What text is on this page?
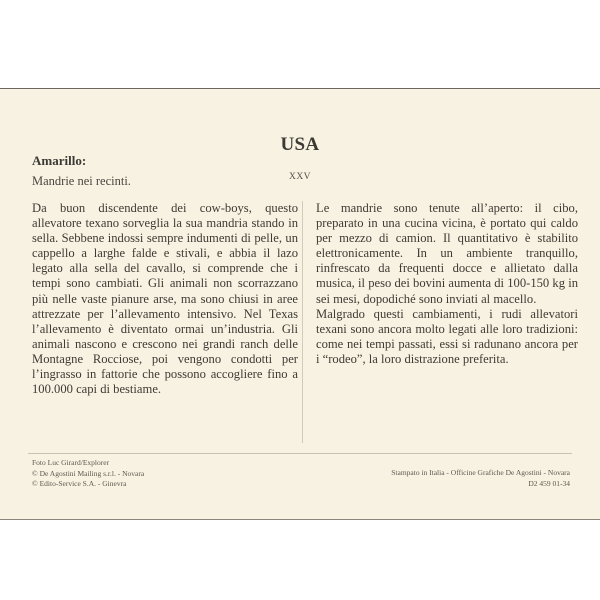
USA
XXV
Amarillo:
Mandrie nei recinti.

Da buon discendente dei cow-boys, questo allevatore texano sorveglia la sua mandria stando in sella. Sebbene indossi sempre indumenti di pelle, un cappello a larghe falde e stivali, e abbia il lazo legato alla sella del cavallo, si comprende che i tempi sono cambiati. Gli animali non scorrazzano più nelle vaste pianure arse, ma sono chiusi in aree attrezzate per l’allevamento intensivo. Nel Texas l’allevamento è diventato ormai un’industria. Gli animali nascono e crescono nei grandi ranch delle Montagne Rocciose, poi vengono condotti per l’ingrasso in fattorie che possono accogliere fino a 100.000 capi di bestiame.

Le mandrie sono tenute all’aperto: il cibo, preparato in una cucina vicina, è portato qui caldo per mezzo di camion. Il quantitativo è stabilito elettronicamente. In un ambiente tranquillo, rinfrescato da frequenti docce e allietato dalla musica, il peso dei bovini aumenta di 100-150 kg in sei mesi, dopodiché sono inviati al macello.

Malgrado questi cambiamenti, i rudi allevatori texani sono ancora molto legati alle loro tradizioni: come nei tempi passati, essi si radunano ancora per i “rodeo”, la loro distrazione preferita.

Foto Luc Girard/Explorer
© De Agostini Mailing s.r.l. - Novara
© Edito-Service S.A. - Ginevra
Stampato in Italia - Officine Grafiche De Agostini - Novara
D2 459 01-34
